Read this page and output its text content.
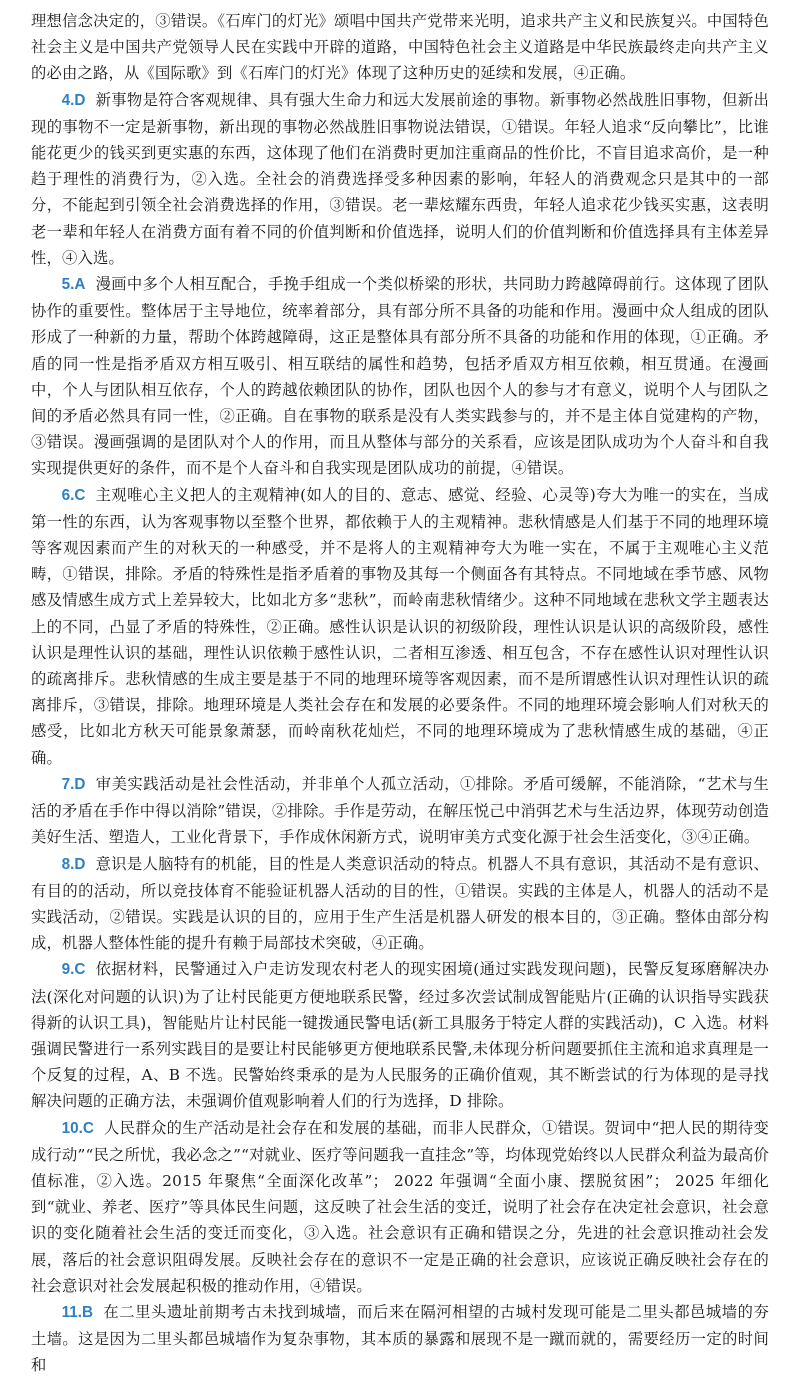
理想信念决定的，③错误。《石库门的灯光》颂唱中国共产党带来光明，追求共产主义和民族复兴。中国特色社会主义是中国共产党领导人民在实践中开辟的道路，中国特色社会主义道路是中华民族最终走向共产主义的必由之路，从《国际歌》到《石库门的灯光》体现了这种历史的延续和发展，④正确。

4.D 新事物是符合客观规律、具有强大生命力和远大发展前途的事物。新事物必然战胜旧事物，但新出现的事物不一定是新事物，新出现的事物必然战胜旧事物说法错误，①错误。年轻人追求“反向攀比”，比谁能花更少的钱买到更实惠的东西，这体现了他们在消费时更加注重商品的性价比，不盲目追求高价，是一种趋于理性的消费行为，②入选。全社会的消费选择受多种因素的影响，年轻人的消费观念只是其中的一部分，不能起到引领全社会消费选择的作用，③错误。老一辈炫耀东西贵，年轻人追求花少钱买实惠，这表明老一辈和年轻人在消费方面有着不同的价值判断和价值选择，说明人们的价值判断和价值选择具有主体差异性，④入选。

5.A 漫画中多个人相互配合，手挽手组成一个类似桥梁的形状，共同助力跨越障碍前行。这体现了团队协作的重要性。整体居于主导地位，统率着部分，具有部分所不具备的功能和作用。漫画中众人组成的团队形成了一种新的力量，帮助个体跨越障碍，这正是整体具有部分所不具备的功能和作用的体现，①正确。矛盾的同一性是指矛盾双方相互吸引、相互联结的属性和趋势，包括矛盾双方相互依赖，相互贯通。在漫画中，个人与团队相互依存，个人的跨越依赖团队的协作，团队也因个人的参与才有意义，说明个人与团队之间的矛盾必然具有同一性，②正确。自在事物的联系是没有人类实践参与的，并不是主体自觉建构的产物，③错误。漫画强调的是团队对个人的作用，而且从整体与部分的关系看，应该是团队成功为个人奋斗和自我实现提供更好的条件，而不是个人奋斗和自我实现是团队成功的前提，④错误。

6.C 主观唯心主义把人的主观精神(如人的目的、意志、感觉、经验、心灵等)夸大为唯一的实在，当成第一性的东西，认为客观事物以至整个世界，都依赖于人的主观精神。悲秋情感是人们基于不同的地理环境等客观因素而产生的对秋天的一种感受，并不是将人的主观精神夸大为唯一实在，不属于主观唯心主义范畴，①错误，排除。矛盾的特殊性是指矛盾着的事物及其每一个侧面各有其特点。不同地域在季节感、风物感及情感生成方式上差异较大，比如北方多“悲秋”，而岭南悲秋情绪少。这种不同地域在悲秋文学主题表达上的不同，凸显了矛盾的特殊性，②正确。感性认识是认识的初级阶段，理性认识是认识的高级阶段，感性认识是理性认识的基础，理性认识依赖于感性认识，二者相互渗透、相互包含，不存在感性认识对理性认识的疏离排斥。悲秋情感的生成主要是基于不同的地理环境等客观因素，而不是所谓感性认识对理性认识的疏离排斥，③错误，排除。地理环境是人类社会存在和发展的必要条件。不同的地理环境会影响人们对秋天的感受，比如北方秋天可能景象萧瑟，而岭南秋花灿烂，不同的地理环境成为了悲秋情感生成的基础，④正确。

7.D 审美实践活动是社会性活动，并非单个人孤立活动，①排除。矛盾可缓解，不能消除，“艺术与生活的矛盾在手作中得以消除”错误，②排除。手作是劳动，在解压悦己中消弭艺术与生活边界，体现劳动创造美好生活、塑造人，工业化背景下，手作成休闲新方式，说明审美方式变化源于社会生活变化，③④正确。

8.D 意识是人脑特有的机能，目的性是人类意识活动的特点。机器人不具有意识，其活动不是有意识、有目的的活动，所以竞技体育不能验证机器人活动的目的性，①错误。实践的主体是人，机器人的活动不是实践活动，②错误。实践是认识的目的，应用于生产生活是机器人研发的根本目的，③正确。整体由部分构成，机器人整体性能的提升有赖于局部技术突破，④正确。

9.C 依据材料，民警通过入户走访发现农村老人的现实困境(通过实践发现问题)，民警反复琢磨解决办法(深化对问题的认识)为了让村民能更方便地联系民警，经过多次尝试制成智能贴片(正确的认识指导实践获得新的认识工具)，智能贴片让村民能一键拨通民警电话(新工具服务于特定人群的实践活动)，C 入选。材料强调民警进行一系列实践目的是要让村民能够更方便地联系民警,未体现分析问题要抓住主流和追求真理是一个反复的过程，A、B 不选。民警始终秉承的是为人民服务的正确价值观，其不断尝试的行为体现的是寻找解决问题的正确方法，未强调价值观影响着人们的行为选择，D 排除。

10.C 人民群众的生产活动是社会存在和发展的基础，而非人民群众，①错误。贺词中“把人民的期待变成行动”“民之所忧，我必念之”“对就业、医疗等问题我一直挂念”等，均体现党始终以人民群众利益为最高价值标准，②入选。2015 年聚焦“全面深化改革”； 2022 年强调“全面小康、摆脱贫困”； 2025 年细化到“就业、养老、医疗”等具体民生问题，这反映了社会生活的变迁，说明了社会存在决定社会意识，社会意识的变化随着社会生活的变迁而变化，③入选。社会意识有正确和错误之分，先进的社会意识推动社会发展，落后的社会意识阻碍发展。反映社会存在的意识不一定是正确的社会意识，应该说正确反映社会存在的社会意识对社会发展起积极的推动作用，④错误。

11.B 在二里头遗址前期考古未找到城墙，而后来在隔河相望的古城村发现可能是二里头都邑城墙的夯土墙。这是因为二里头都邑城墙作为复杂事物，其本质的暴露和展现不是一蹴而就的，需要经历一定的时间和
